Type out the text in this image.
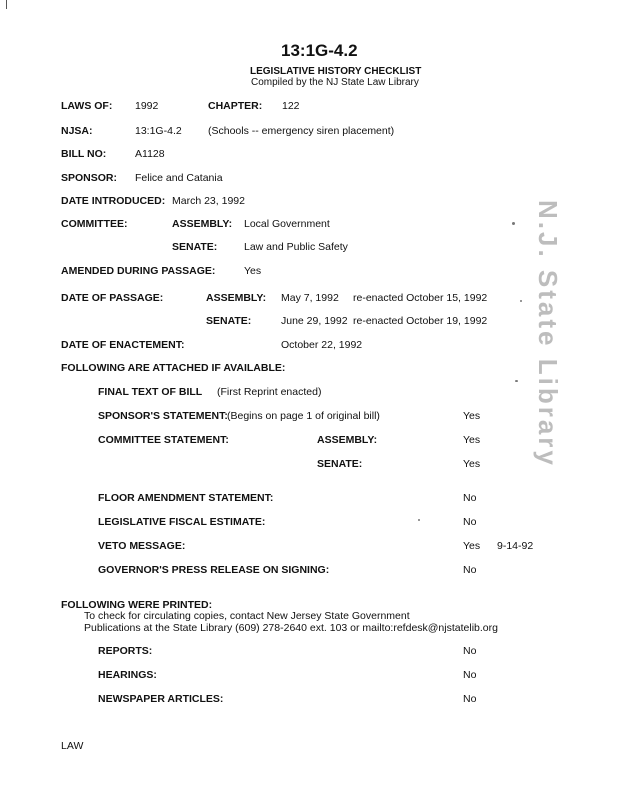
13:1G-4.2
LEGISLATIVE HISTORY CHECKLIST
Compiled by the NJ State Law Library
LAWS OF: 1992	CHAPTER: 122
NJSA:	13:1G-4.2	(Schools -- emergency siren placement)
BILL NO:	A1128
SPONSOR: Felice and Catania
DATE INTRODUCED: March 23, 1992
COMMITTEE:	ASSEMBLY: Local Government
SENATE:	Law and Public Safety
AMENDED DURING PASSAGE:	Yes
DATE OF PASSAGE:	ASSEMBLY: May 7, 1992 re-enacted October 15, 1992
SENATE:	June 29, 1992 re-enacted October 19, 1992
DATE OF ENACTEMENT:	October 22, 1992
FOLLOWING ARE ATTACHED IF AVAILABLE:
FINAL TEXT OF BILL (First Reprint enacted)
SPONSOR'S STATEMENT: (Begins on page 1 of original bill)	Yes
COMMITTEE STATEMENT:	ASSEMBLY:	Yes
SENATE:	Yes
FLOOR AMENDMENT STATEMENT:	No
LEGISLATIVE FISCAL ESTIMATE:	No
VETO MESSAGE:	Yes 9-14-92
GOVERNOR'S PRESS RELEASE ON SIGNING:	No
FOLLOWING WERE PRINTED:
To check for circulating copies, contact New Jersey State Government
Publications at the State Library (609) 278-2640 ext. 103 or mailto:refdesk@njstatelib.org
REPORTS:	No
HEARINGS:	No
NEWSPAPER ARTICLES:	No
LAW
N.J. State Library
